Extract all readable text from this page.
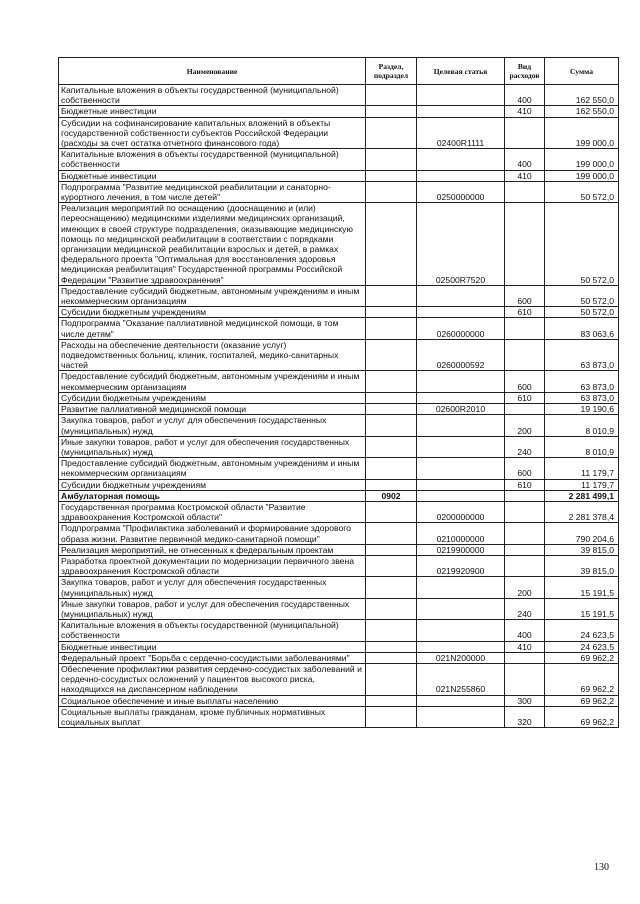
Наименование	Раздел, подраздел	Целевая статья	Вид расходов	Сумма
Капитальные вложения в объекты государственной (муниципальной) собственности			400	162 550,0
Бюджетные инвестиции			410	162 550,0
Субсидии на софинансирование капитальных вложений в объекты государственной собственности субъектов Российской Федерации (расходы за счет остатка отчетного финансового года)		02400R1111		199 000,0
Капитальные вложения в объекты государственной (муниципальной) собственности			400	199 000,0
Бюджетные инвестиции			410	199 000,0
Подпрограмма "Развитие медицинской реабилитации и санаторно-курортного лечения, в том числе детей"		0250000000		50 572,0
Реализация мероприятий по оснащению (дооснащению и (или) переоснащению) медицинскими изделиями медицинских организаций, имеющих в своей структуре подразделения, оказывающие медицинскую помощь по медицинской реабилитации в соответствии с порядками организации медицинской реабилитации взрослых и детей, в рамках федерального проекта "Оптимальная для восстановления здоровья медицинская реабилитация" Государственной программы Российской Федерации "Развитие здравоохранения"		02500R7520		50 572,0
Предоставление субсидий бюджетным, автономным учреждениям и иным некоммерческим организациям			600	50 572,0
Субсидии бюджетным учреждениям			610	50 572,0
Подпрограмма "Оказание паллиативной медицинской помощи, в том числе детям"		0260000000		83 063,6
Расходы на обеспечение деятельности (оказание услуг) подведомственных больниц, клиник, госпиталей, медико-санитарных частей		0260000592		63 873,0
Предоставление субсидий бюджетным, автономным учреждениям и иным некоммерческим организациям			600	63 873,0
Субсидии бюджетным учреждениям			610	63 873,0
Развитие паллиативной медицинской помощи		02600R2010		19 190,6
Закупка товаров, работ и услуг для обеспечения государственных (муниципальных) нужд			200	8 010,9
Иные закупки товаров, работ и услуг для обеспечения государственных (муниципальных) нужд			240	8 010,9
Предоставление субсидий бюджетным, автономным учреждениям и иным некоммерческим организациям			600	11 179,7
Субсидии бюджетным учреждениям			610	11 179,7
Амбулаторная помощь	0902			2 281 499,1
Государственная программа Костромской области "Развитие здравоохранения Костромской области"		0200000000		2 281 378,4
Подпрограмма "Профилактика заболеваний и формирование здорового образа жизни. Развитие первичной медико-санитарной помощи"		0210000000		790 204,6
Реализация мероприятий, не отнесенных к федеральным проектам		0219900000		39 815,0
Разработка проектной документации по модернизации первичного звена здравоохранения Костромской области		0219920900		39 815,0
Закупка товаров, работ и услуг для обеспечения государственных (муниципальных) нужд			200	15 191,5
Иные закупки товаров, работ и услуг для обеспечения государственных (муниципальных) нужд			240	15 191,5
Капитальные вложения в объекты государственной (муниципальной) собственности			400	24 623,5
Бюджетные инвестиции			410	24 623,5
Федеральный проект "Борьба с сердечно-сосудистыми заболеваниями"		021N200000		69 962,2
Обеспечение профилактики развития сердечно-сосудистых заболеваний и сердечно-сосудистых осложнений у пациентов высокого риска, находящихся на диспансерном наблюдении		021N255860		69 962,2
Социальное обеспечение и иные выплаты населению			300	69 962,2
Социальные выплаты гражданам, кроме публичных нормативных социальных выплат			320	69 962,2
130
